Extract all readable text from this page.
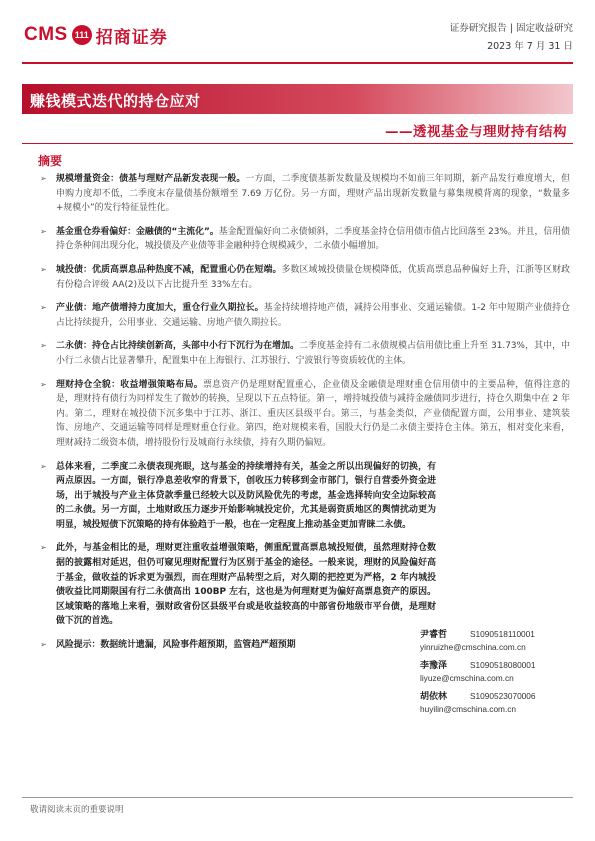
CMS 111 招商证券	证券研究报告 | 固定收益研究
2023 年 7 月 31 日
赚钱模式迭代的持仓应对
——透视基金与理财持有结构
摘要
➢ 规模增量资金：债基与理财产品新发表现一般。一方面，二季度债基新发数量及规模均不如前三年同期，新产品发行难度增大，但申购力度却不低，二季度末存量债基份额增至 7.69 万亿份。另一方面，理财产品出现新发数量与募集规模背离的现象，“数量多+规模小”的发行特征显性化。
➢ 基金重仓券看偏好：金融债的“主流化”。基金配置偏好向二永债倾斜，二季度基金持仓信用债市值占比回落至 23%。并且，信用债持仓条种间出现分化，城投债及产业债等非金融种持仓规模减少，二永债小幅增加。
➢ 城投债：优质高票息品种热度不减，配置重心仍在短端。多数区域城投债量仓规模降低，优质高票息品种偏好上升，江浙等区财政有份稳合评级 AA(2)及以下占比提升至 33%左右。
➢ 产业债：地产债增持力度加大，重仓行业久期拉长。基金持续增持地产债，减持公用事业、交通运输债。1-2 年中短期产业债持仓占比持续提升，公用事业、交通运输、房地产债久期拉长。
➢ 二永债：持仓占比持续创新高，头部中小行下沉行为在增加。二季度基金持有二永债规模占信用债比重上升至 31.73%，其中，中小行二永债占比显著攀升，配置集中在上海银行、江苏银行、宁波银行等资质较优的主体。
➢ 理财持仓全貌：收益增强策略布局。票息资产仍是理财配置重心，企业债及金融债是理财重仓信用债中的主要品种，值得注意的是，理财持有债行为同样发生了微妙的转换，呈现以下五点特征。第一，增持城投债与减持金融债同步进行，持仓久期集中在 2 年内。第二，理财在城投债下沉多集中于江苏、浙江、重庆区县级平台。第三，与基金类似，产业债配置方面，公用事业、建筑装饰、房地产、交通运输等同样是理财重仓行业。第四，绝对规模来看，国股大行仍是二永债主要持仓主体。第五，相对变化来看，理财减持二级资本债，增持股份行及城商行永续债，持有久期仍偏短。
➢ 总体来看，二季度二永债表现亮眼，这与基金的持续增持有关，基金之所以出现偏好的切换，有两点原因。一方面，银行净息差收窄的背景下，创收压力转移到金市部门，银行自营委外资金进场，出于城投与产业主体贷款季量已经较大以及防风险优先的考虑，基金选择转向安全边际较高的二永债。另一方面，土地财政压力逐步开始影响城投定价，尤其是弱资质地区的舆情扰动更为明显，城投短债下沉策略的持有体验趋于一般，也在一定程度上推动基金更加青睐二永债。
➢ 此外，与基金相比的是，理财更注重收益增强策略，侧重配置高票息城投短债，虽然理财持仓数据的披露相对延迟，但仍可窥见理财配置行为区别于基金的途径。一般来说，理财的风险偏好高于基金，做收益的诉求更为强烈，而在理财产品转型之后，对久期的把控更为严格，2 年内城投债收益比同期限国有行二永债高出 100BP 左右，这也是为何理财更为偏好高票息资产的原因。区域策略的落地上来看，强财政省份区县级平台或是收益较高的中部省份地级市平台债，是理财做下沉的首选。
➢ 风险提示：数据统计遗漏，风险事件超预期，监管趋严超预期
尹睿哲	S1090518110001
yinruizhe@cmschina.com.cn
李豫泽	S1090518080001
liyuze@cmschina.com.cn
胡依林	S1090523070006
huyilin@cmschina.com.cn
敬请阅读末页的重要说明
